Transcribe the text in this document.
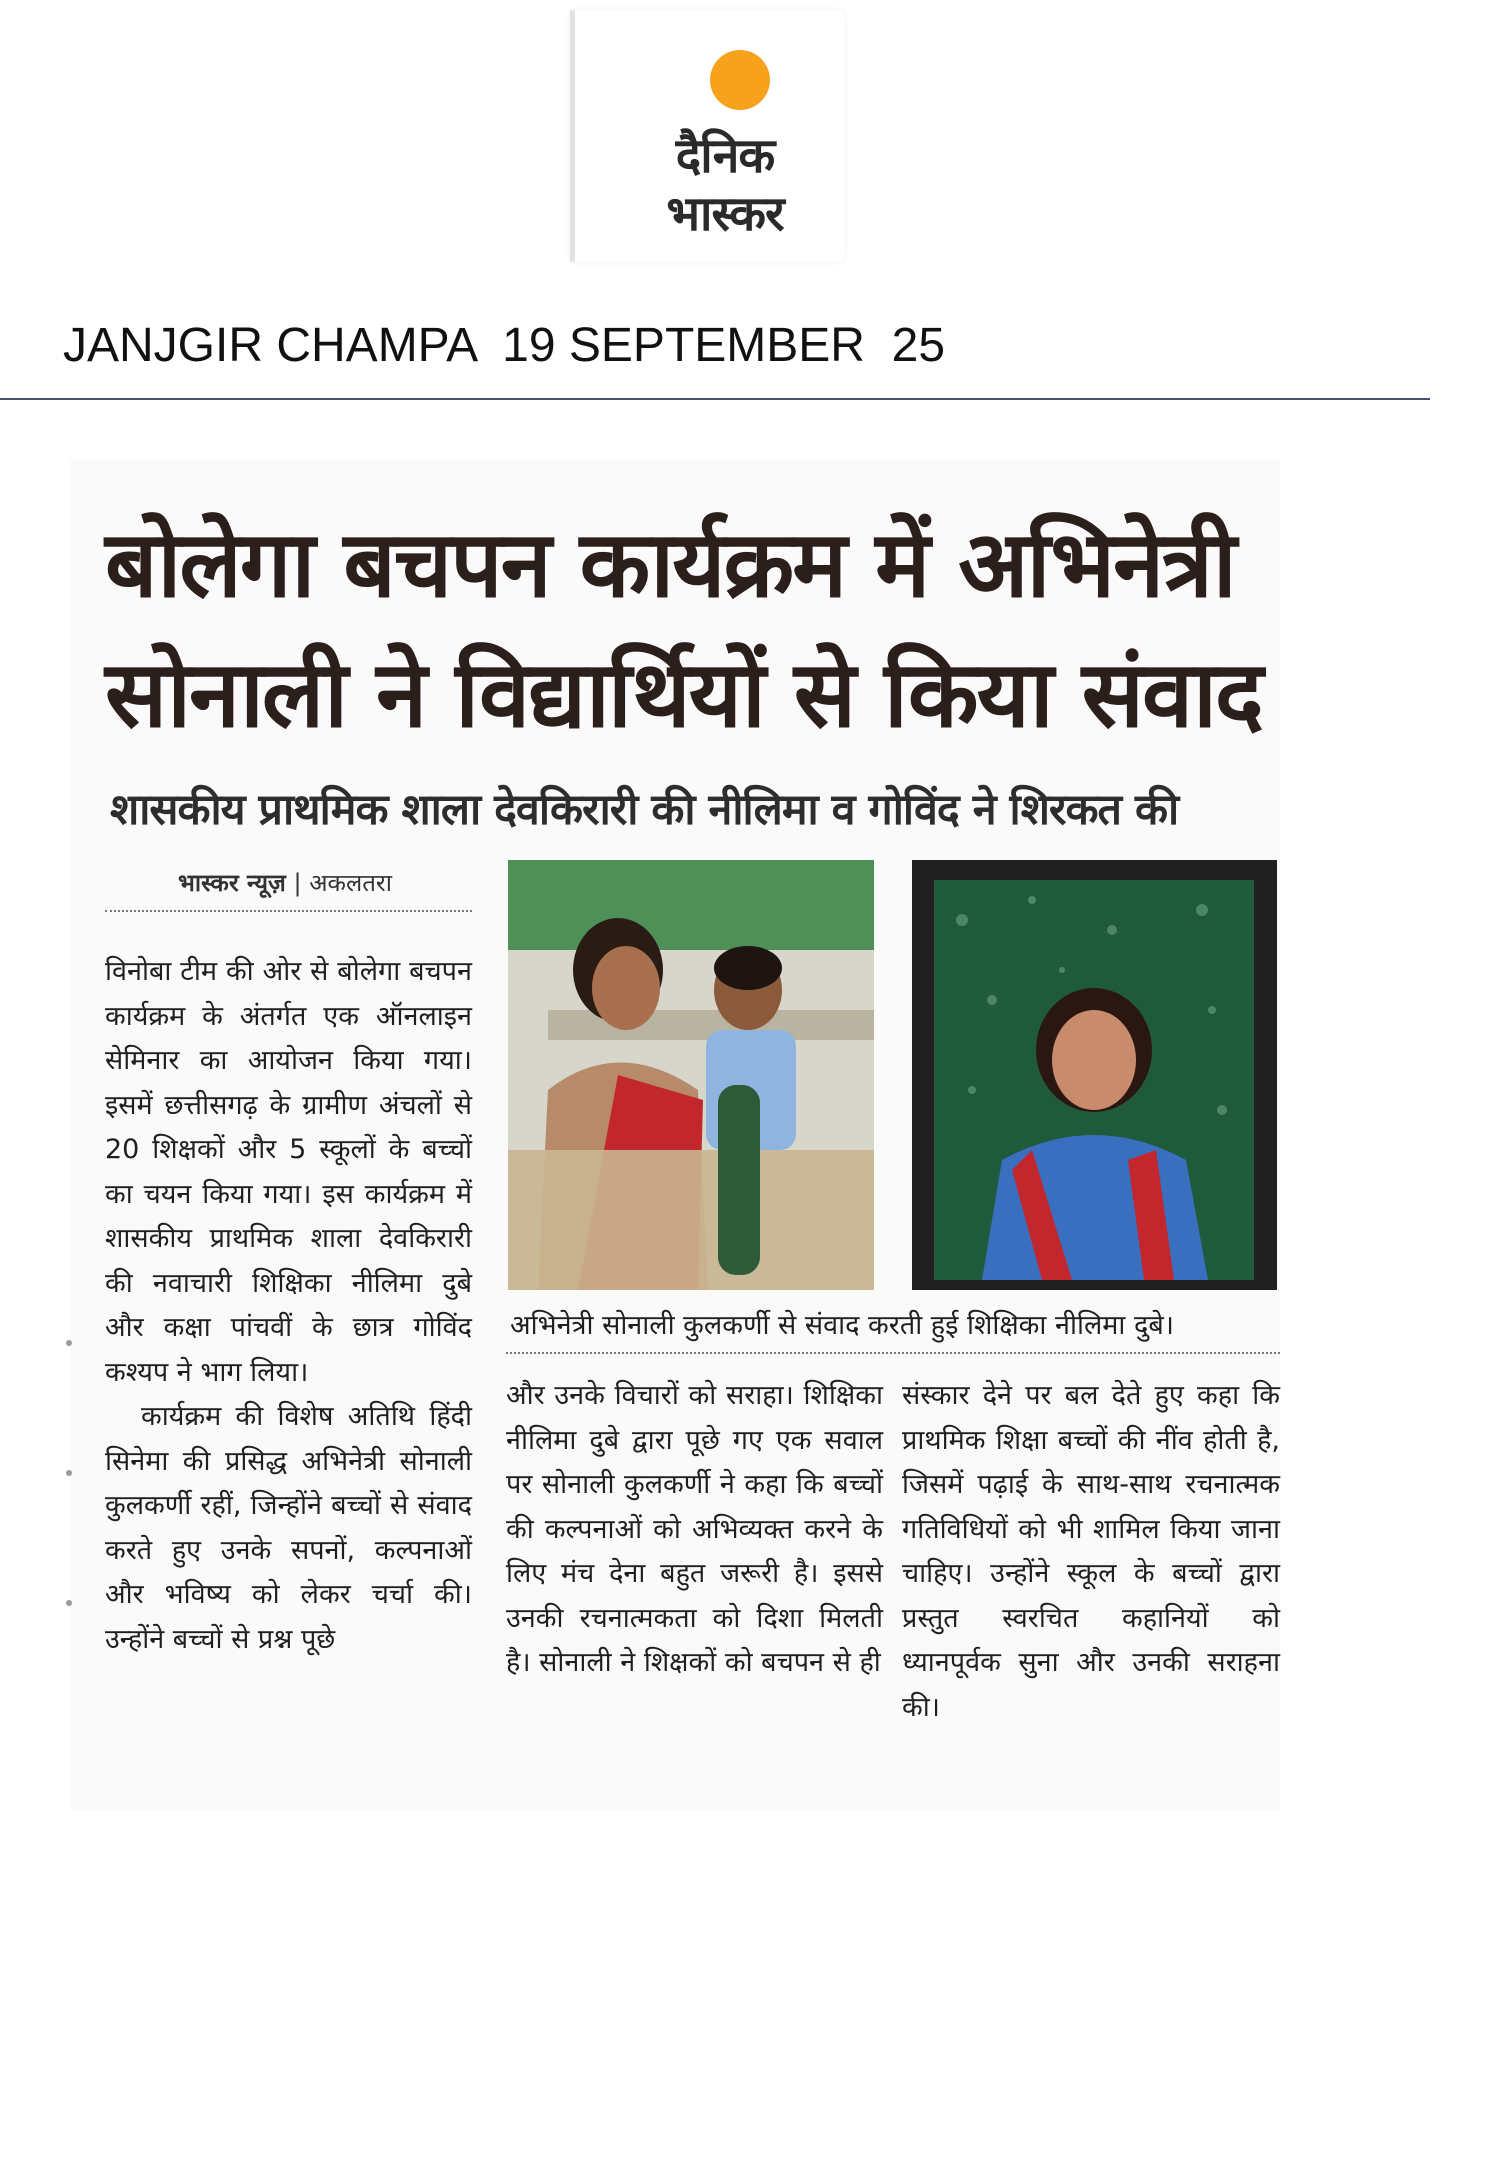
दैनिक
भास्कर
JANJGIR CHAMPA  19 SEPTEMBER  25
बोलेगा बचपन कार्यक्रम में अभिनेत्री
सोनाली ने विद्यार्थियों से किया संवाद
शासकीय प्राथमिक शाला देवकिरारी की नीलिमा व गोविंद ने शिरकत की
भास्कर न्यूज़ | अकलतरा

विनोबा टीम की ओर से बोलेगा बचपन कार्यक्रम के अंतर्गत एक ऑनलाइन सेमिनार का आयोजन किया गया। इसमें छत्तीसगढ़ के ग्रामीण अंचलों से 20 शिक्षकों और 5 स्कूलों के बच्चों का चयन किया गया। इस कार्यक्रम में शासकीय प्राथमिक शाला देवकिरारी की नवाचारी शिक्षिका नीलिमा दुबे और कक्षा पांचवीं के छात्र गोविंद कश्यप ने भाग लिया।

कार्यक्रम की विशेष अतिथि हिंदी सिनेमा की प्रसिद्ध अभिनेत्री सोनाली कुलकर्णी रहीं, जिन्होंने बच्चों से संवाद करते हुए उनके सपनों, कल्पनाओं और भविष्य को लेकर चर्चा की। उन्होंने बच्चों से प्रश्न पूछे

अभिनेत्री सोनाली कुलकर्णी से संवाद करती हुई शिक्षिका नीलिमा दुबे।

और उनके विचारों को सराहा। शिक्षिका नीलिमा दुबे द्वारा पूछे गए एक सवाल पर सोनाली कुलकर्णी ने कहा कि बच्चों की कल्पनाओं को अभिव्यक्त करने के लिए मंच देना बहुत जरूरी है। इससे उनकी रचनात्मकता को दिशा मिलती है। सोनाली ने शिक्षकों को बचपन से ही

संस्कार देने पर बल देते हुए कहा कि प्राथमिक शिक्षा बच्चों की नींव होती है, जिसमें पढ़ाई के साथ-साथ रचनात्मक गतिविधियों को भी शामिल किया जाना चाहिए। उन्होंने स्कूल के बच्चों द्वारा प्रस्तुत स्वरचित कहानियों को ध्यानपूर्वक सुना और उनकी सराहना की।
